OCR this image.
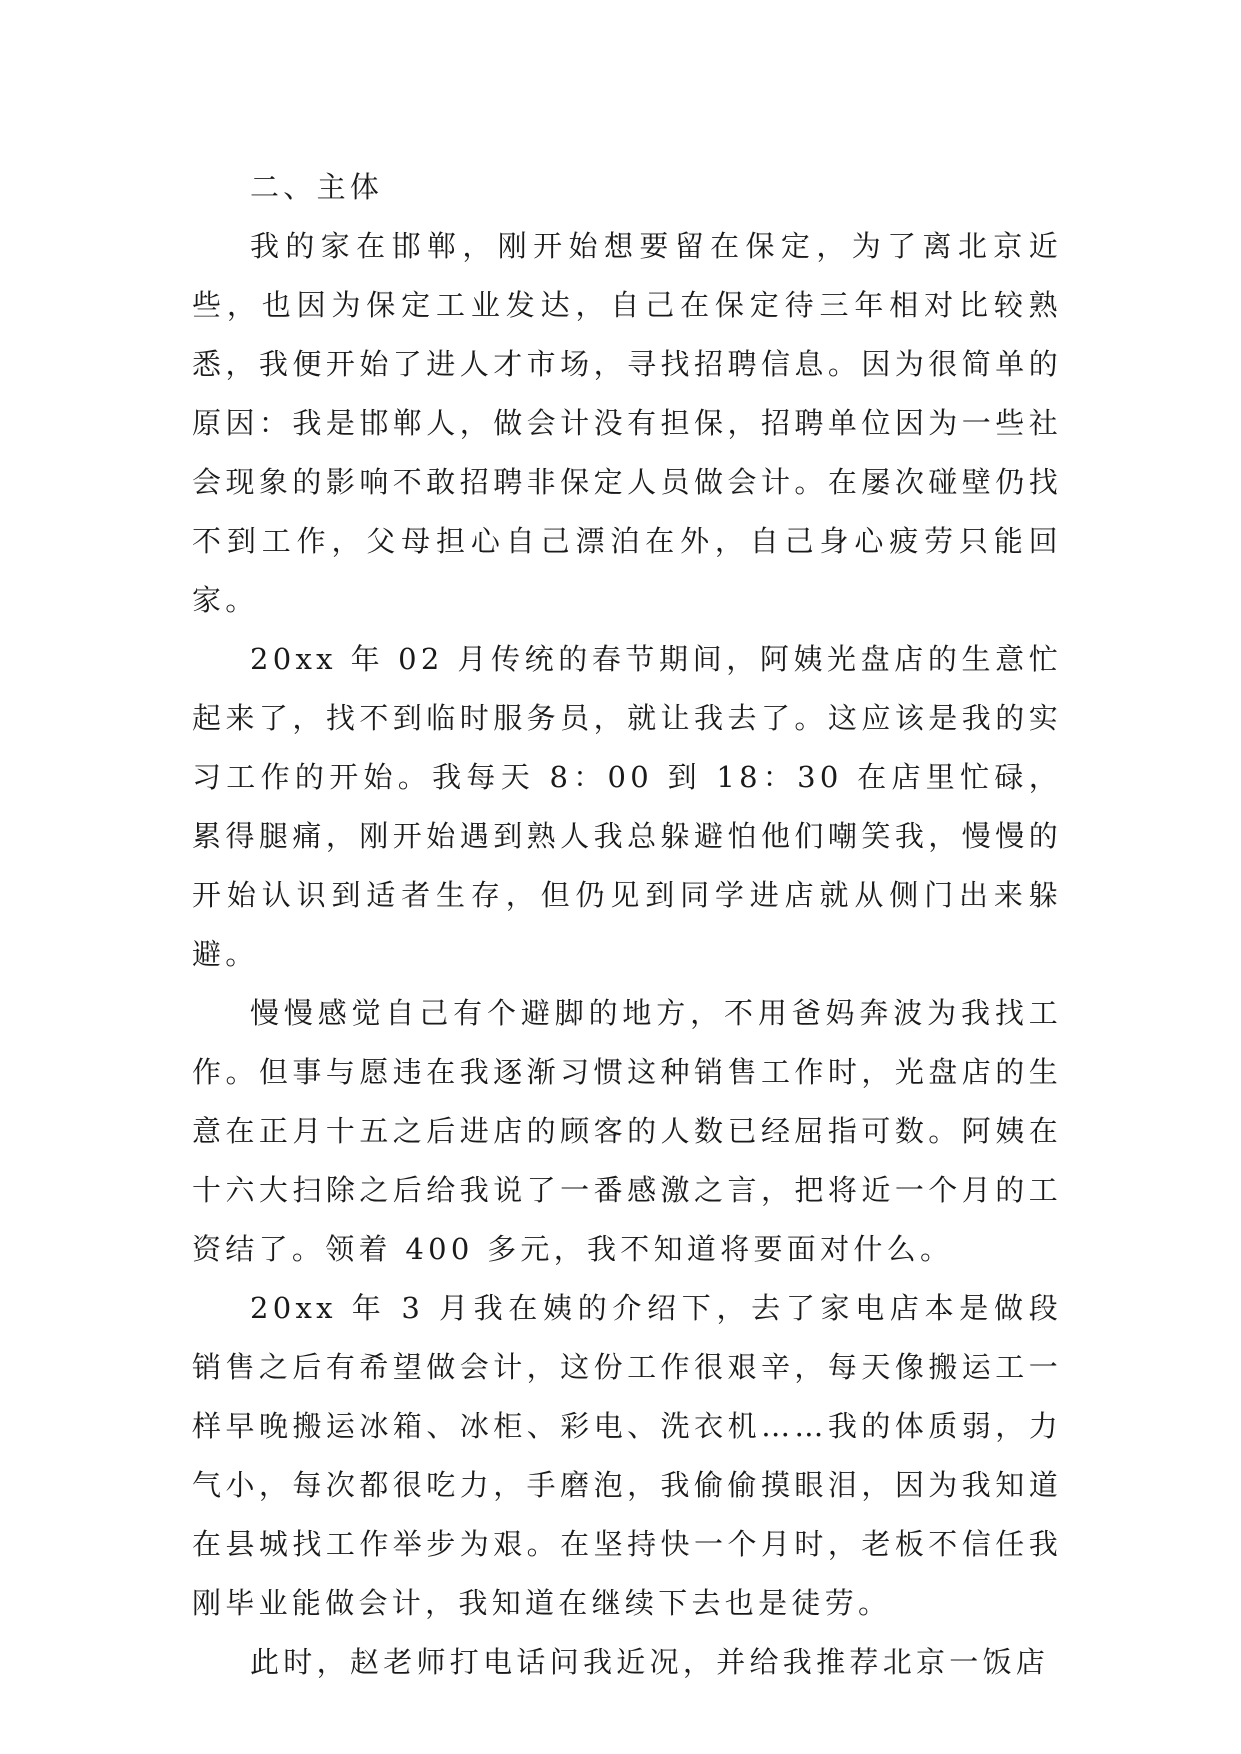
二、主体

我的家在邯郸，刚开始想要留在保定，为了离北京近些，也因为保定工业发达，自己在保定待三年相对比较熟悉，我便开始了进人才市场，寻找招聘信息。因为很简单的原因：我是邯郸人，做会计没有担保，招聘单位因为一些社会现象的影响不敢招聘非保定人员做会计。在屡次碰壁仍找不到工作，父母担心自己漂泊在外，自己身心疲劳只能回家。

20xx 年 02 月传统的春节期间，阿姨光盘店的生意忙起来了，找不到临时服务员，就让我去了。这应该是我的实习工作的开始。我每天 8：00 到 18：30 在店里忙碌，累得腿痛，刚开始遇到熟人我总躲避怕他们嘲笑我，慢慢的开始认识到适者生存，但仍见到同学进店就从侧门出来躲避。

慢慢感觉自己有个避脚的地方，不用爸妈奔波为我找工作。但事与愿违在我逐渐习惯这种销售工作时，光盘店的生意在正月十五之后进店的顾客的人数已经屈指可数。阿姨在十六大扫除之后给我说了一番感激之言，把将近一个月的工资结了。领着 400 多元，我不知道将要面对什么。

20xx 年 3 月我在姨的介绍下，去了家电店本是做段销售之后有希望做会计，这份工作很艰辛，每天像搬运工一样早晚搬运冰箱、冰柜、彩电、洗衣机……我的体质弱，力气小，每次都很吃力，手磨泡，我偷偷摸眼泪，因为我知道在县城找工作举步为艰。在坚持快一个月时，老板不信任我刚毕业能做会计，我知道在继续下去也是徒劳。

此时，赵老师打电话问我近况，并给我推荐北京一饭店
